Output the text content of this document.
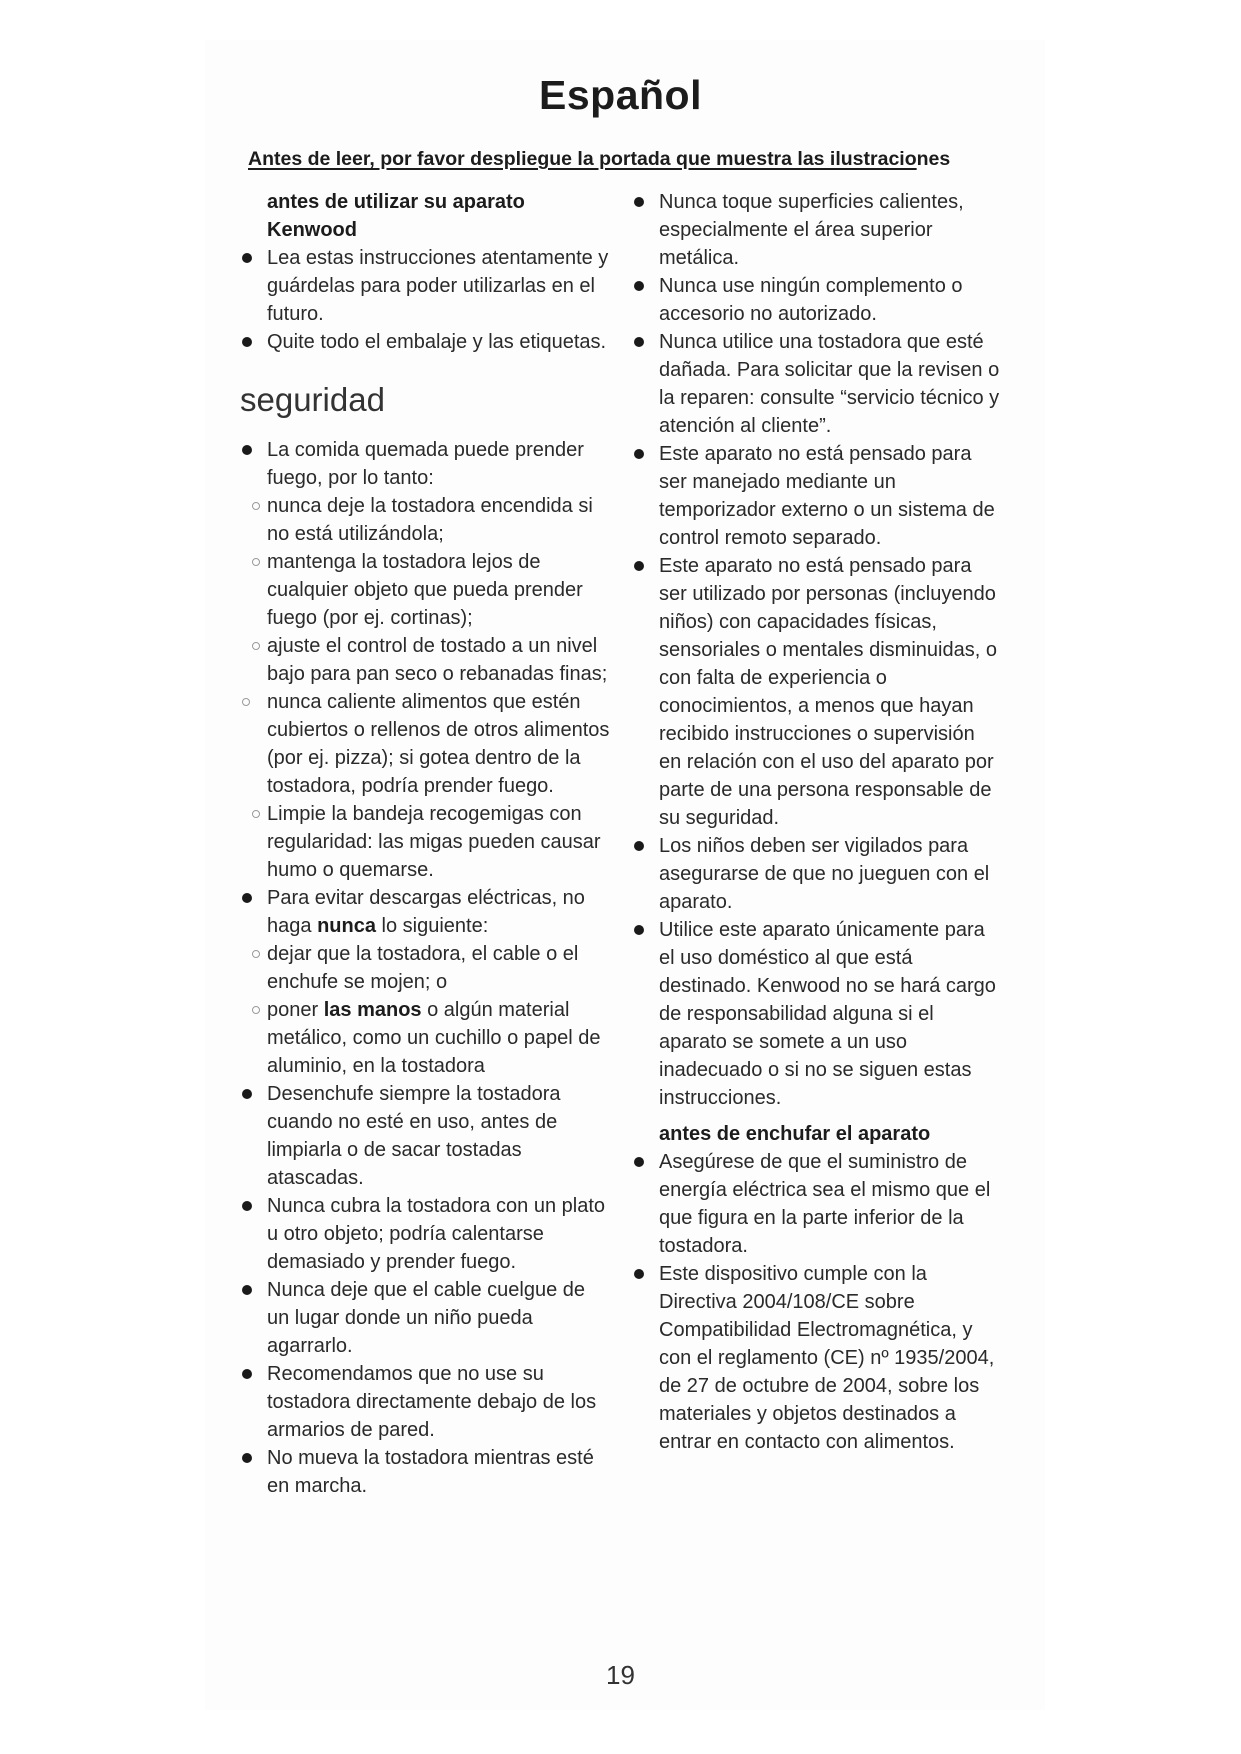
Español
Antes de leer, por favor despliegue la portada que muestra las ilustraciones
antes de utilizar su aparato Kenwood
Lea estas instrucciones atentamente y guárdelas para poder utilizarlas en el futuro.
Quite todo el embalaje y las etiquetas.
seguridad
La comida quemada puede prender fuego, por lo tanto:
nunca deje la tostadora encendida si no está utilizándola;
mantenga la tostadora lejos de cualquier objeto que pueda prender fuego (por ej. cortinas);
ajuste el control de tostado a un nivel bajo para pan seco o rebanadas finas;
nunca caliente alimentos que estén cubiertos o rellenos de otros alimentos (por ej. pizza); si gotea dentro de la tostadora, podría prender fuego.
Limpie la bandeja recogemigas con regularidad: las migas pueden causar humo o quemarse.
Para evitar descargas eléctricas, no haga nunca lo siguiente:
dejar que la tostadora, el cable o el enchufe se mojen; o
poner las manos o algún material metálico, como un cuchillo o papel de aluminio, en la tostadora
Desenchufe siempre la tostadora cuando no esté en uso, antes de limpiarla o de sacar tostadas atascadas.
Nunca cubra la tostadora con un plato u otro objeto; podría calentarse demasiado y prender fuego.
Nunca deje que el cable cuelgue de un lugar donde un niño pueda agarrarlo.
Recomendamos que no use su tostadora directamente debajo de los armarios de pared.
No mueva la tostadora mientras esté en marcha.
Nunca toque superficies calientes, especialmente el área superior metálica.
Nunca use ningún complemento o accesorio no autorizado.
Nunca utilice una tostadora que esté dañada. Para solicitar que la revisen o la reparen: consulte “servicio técnico y atención al cliente”.
Este aparato no está pensado para ser manejado mediante un temporizador externo o un sistema de control remoto separado.
Este aparato no está pensado para ser utilizado por personas (incluyendo niños) con capacidades físicas, sensoriales o mentales disminuidas, o con falta de experiencia o conocimientos, a menos que hayan recibido instrucciones o supervisión en relación con el uso del aparato por parte de una persona responsable de su seguridad.
Los niños deben ser vigilados para asegurarse de que no jueguen con el aparato.
Utilice este aparato únicamente para el uso doméstico al que está destinado. Kenwood no se hará cargo de responsabilidad alguna si el aparato se somete a un uso inadecuado o si no se siguen estas instrucciones.
antes de enchufar el aparato
Asegúrese de que el suministro de energía eléctrica sea el mismo que el que figura en la parte inferior de la tostadora.
Este dispositivo cumple con la Directiva 2004/108/CE sobre Compatibilidad Electromagnética, y con el reglamento (CE) nº 1935/2004, de 27 de octubre de 2004, sobre los materiales y objetos destinados a entrar en contacto con alimentos.
19
